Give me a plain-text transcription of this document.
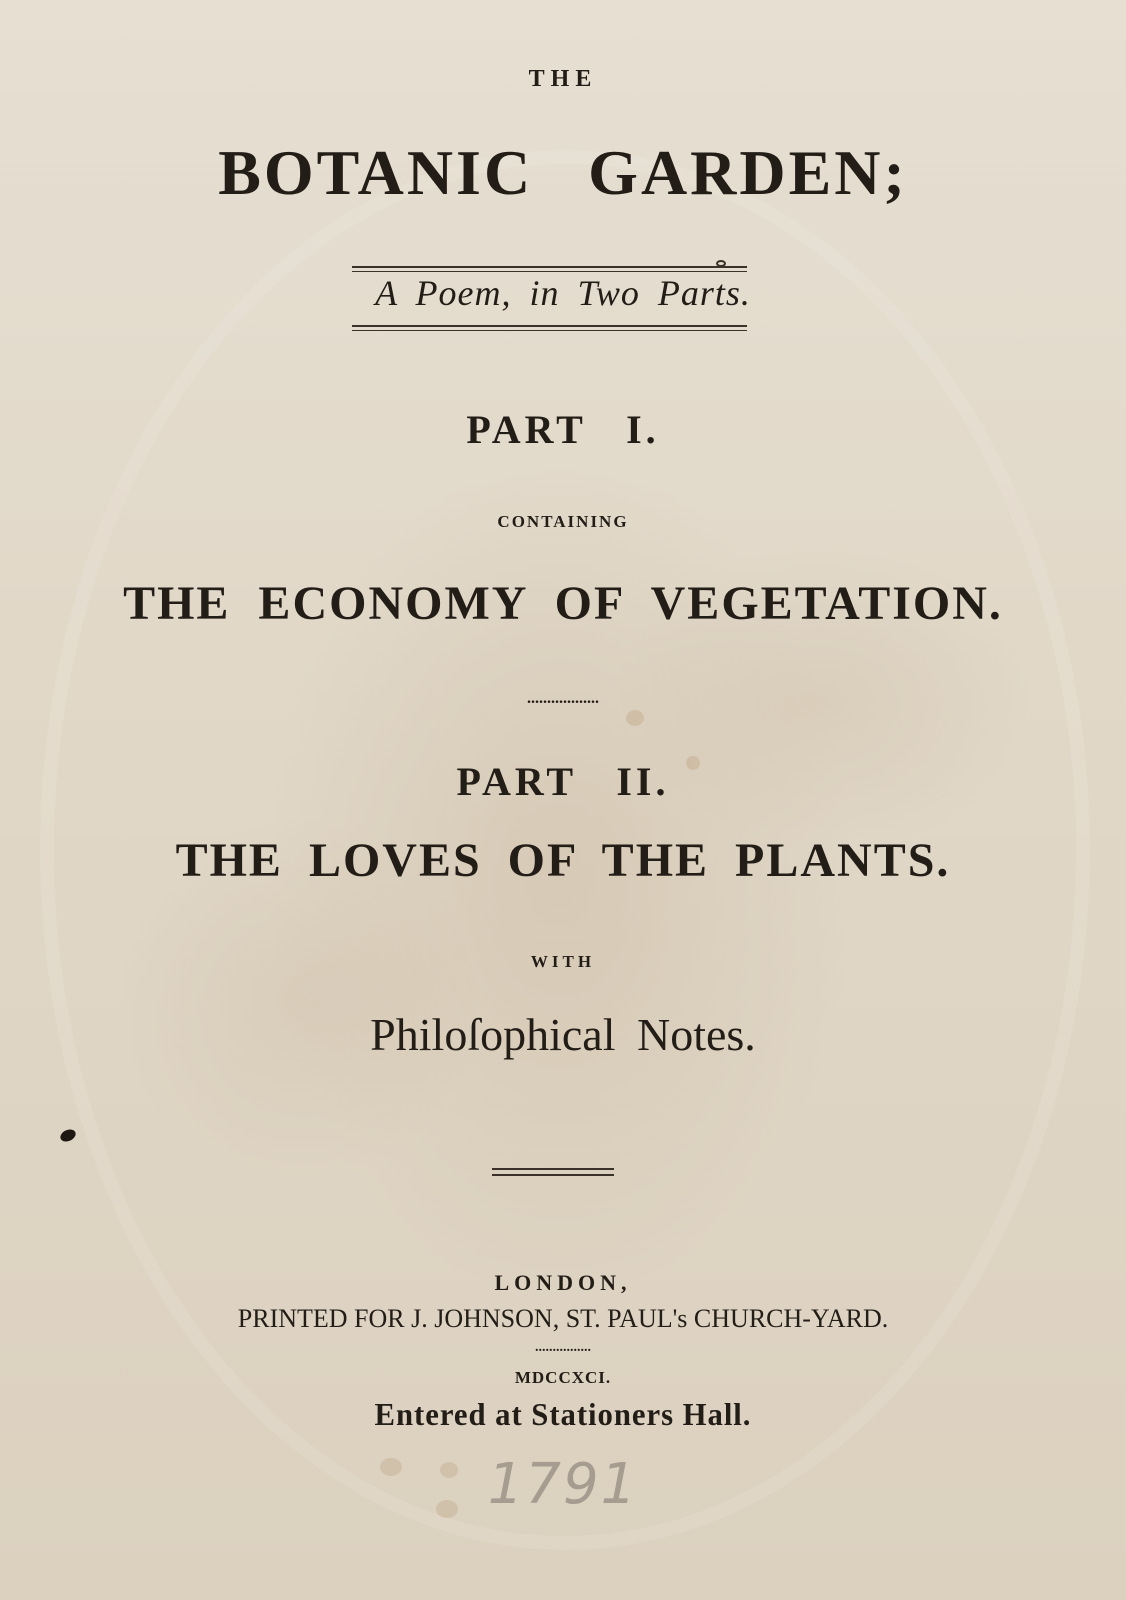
THE
BOTANIC GARDEN;
A Poem, in Two Parts.
PART I.
CONTAINING
THE ECONOMY OF VEGETATION.
..................
PART II.
THE LOVES OF THE PLANTS.
WITH
Philoſophical Notes.
LONDON,
PRINTED FOR J. JOHNSON, ST. PAUL's CHURCH-YARD.
................
MDCCXCI.
Entered at Stationers Hall.
1791
